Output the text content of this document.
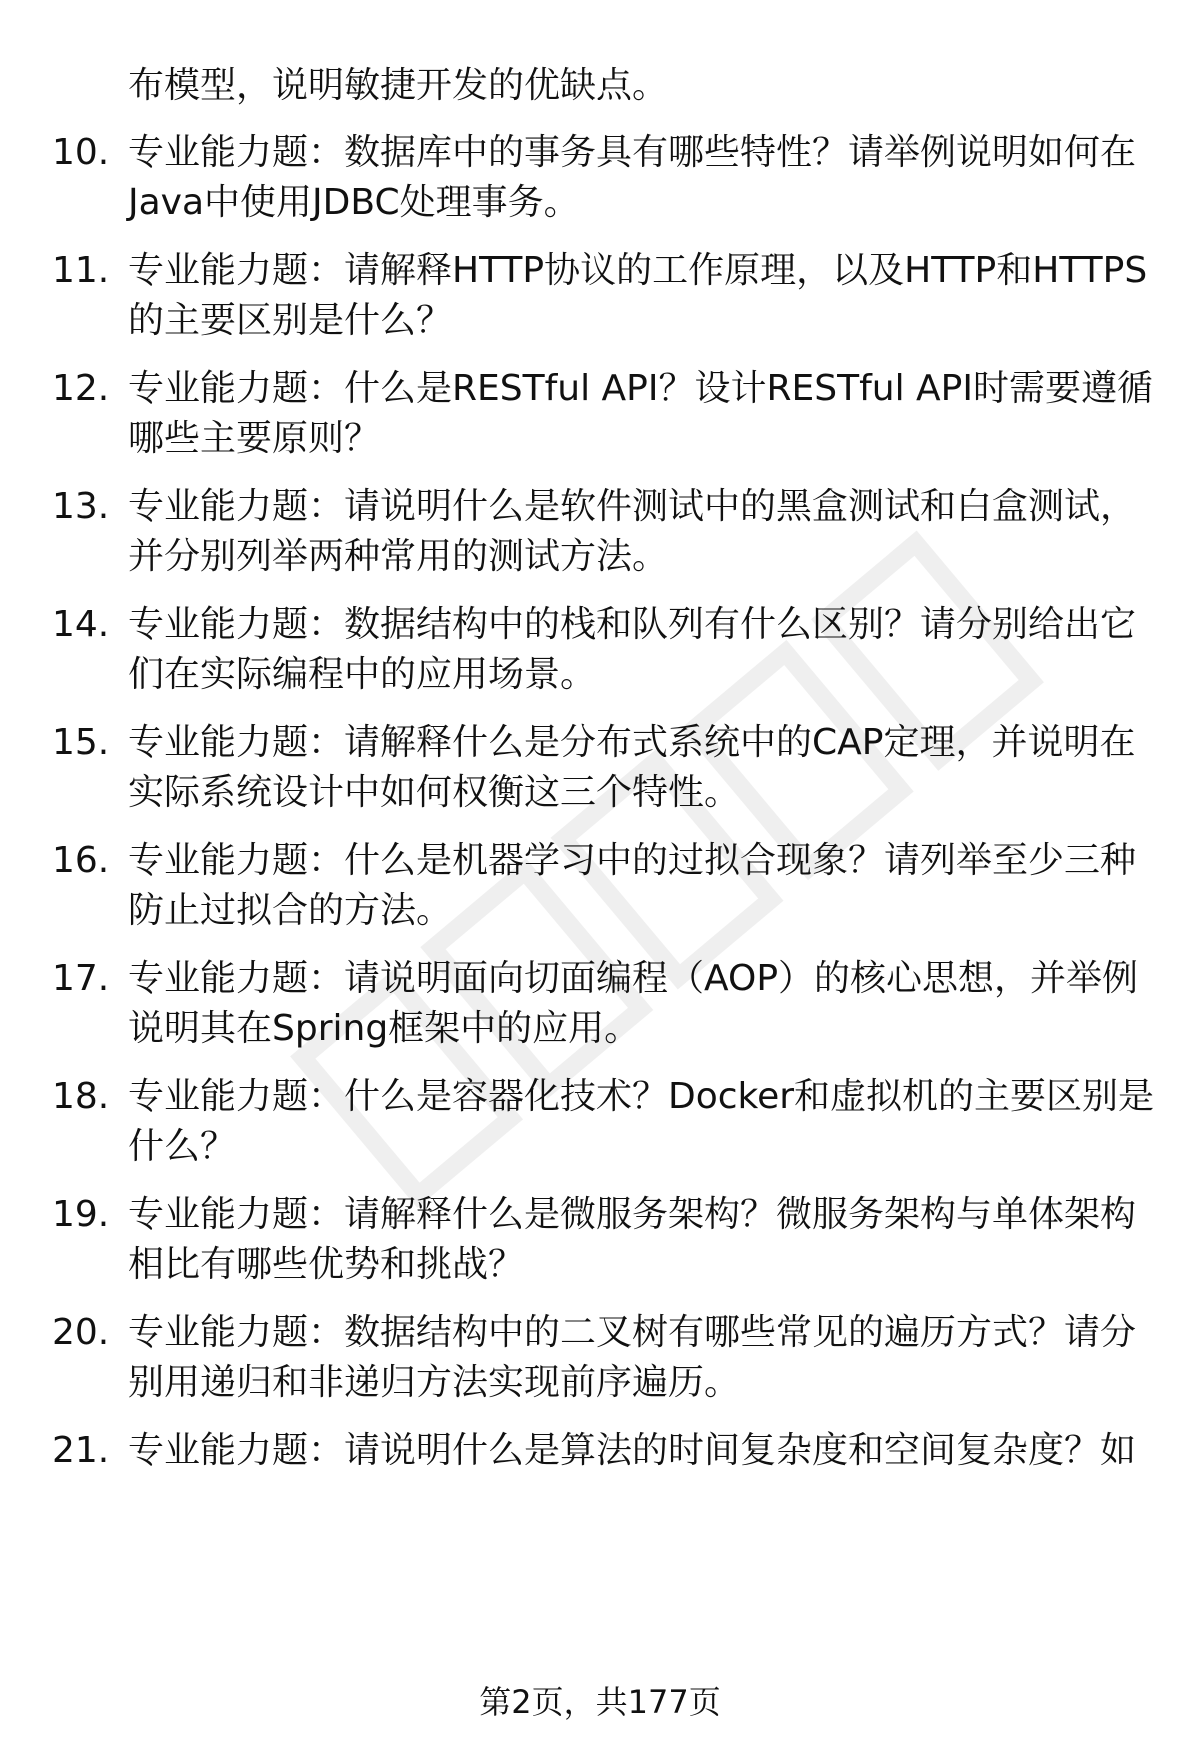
布模型，说明敏捷开发的优缺点。
10. 专业能力题：数据库中的事务具有哪些特性？请举例说明如何在
Java中使用JDBC处理事务。
11. 专业能力题：请解释HTTP协议的工作原理，以及HTTP和HTTPS
的主要区别是什么？
12. 专业能力题：什么是RESTful API？设计RESTful API时需要遵循
哪些主要原则？
13. 专业能力题：请说明什么是软件测试中的黑盒测试和白盒测试，
并分别列举两种常用的测试方法。
14. 专业能力题：数据结构中的栈和队列有什么区别？请分别给出它
们在实际编程中的应用场景。
15. 专业能力题：请解释什么是分布式系统中的CAP定理，并说明在
实际系统设计中如何权衡这三个特性。
16. 专业能力题：什么是机器学习中的过拟合现象？请列举至少三种
防止过拟合的方法。
17. 专业能力题：请说明面向切面编程（AOP）的核心思想，并举例
说明其在Spring框架中的应用。
18. 专业能力题：什么是容器化技术？Docker和虚拟机的主要区别是
什么？
19. 专业能力题：请解释什么是微服务架构？微服务架构与单体架构
相比有哪些优势和挑战？
20. 专业能力题：数据结构中的二叉树有哪些常见的遍历方式？请分
别用递归和非递归方法实现前序遍历。
21. 专业能力题：请说明什么是算法的时间复杂度和空间复杂度？如
第2页，共177页
